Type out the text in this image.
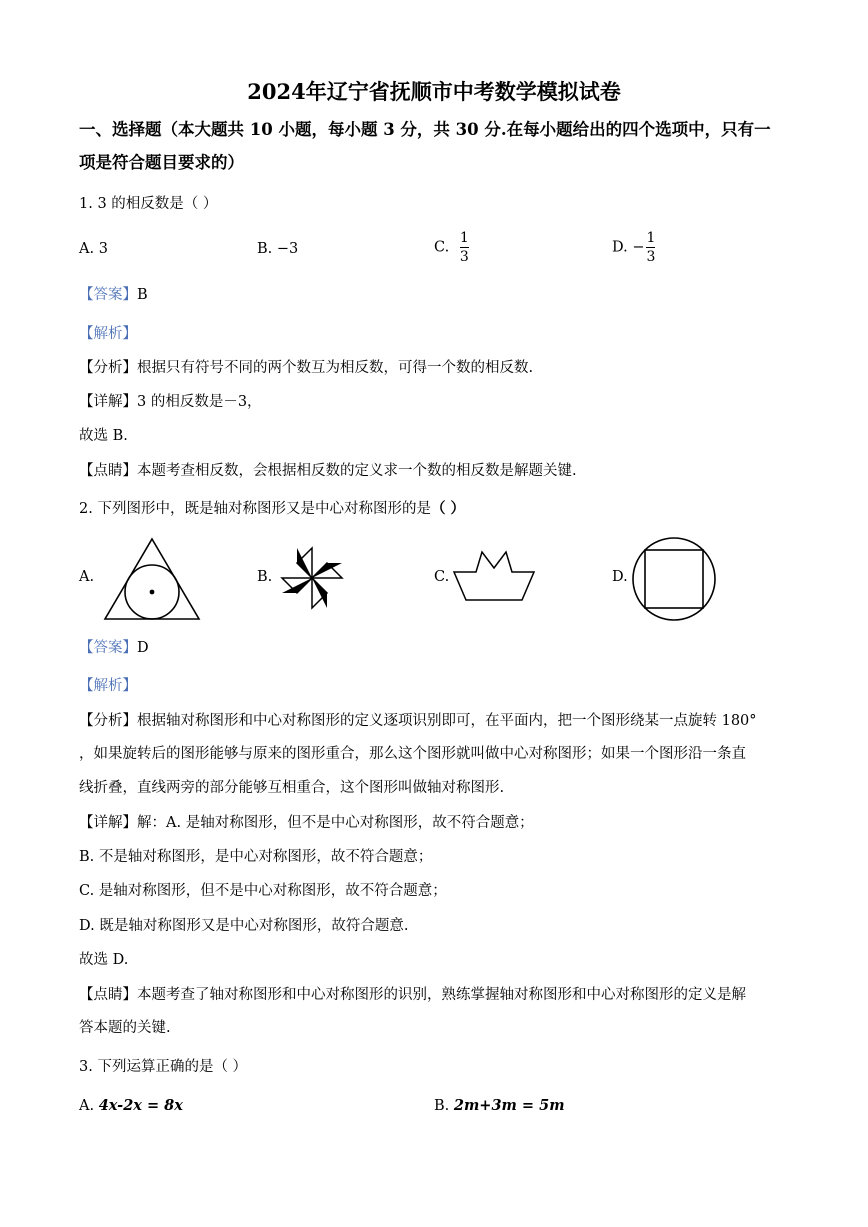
2024年辽宁省抚顺市中考数学模拟试卷
一、选择题（本大题共 10 小题，每小题 3 分，共 30 分.在每小题给出的四个选项中，只有一
项是符合题目要求的）
1. 3 的相反数是（ ）
A. 3	B. −3	C. $\frac{1}{3}$	D. − $\frac{1}{3}$
【答案】B
【解析】
【分析】根据只有符号不同的两个数互为相反数，可得一个数的相反数.
【详解】3 的相反数是－3，
故选 B.
【点睛】本题考查相反数，会根据相反数的定义求一个数的相反数是解题关键.
2. 下列图形中，既是轴对称图形又是中心对称图形的是（ ）
A.	B.	C.	D.
【答案】D
【解析】
【分析】根据轴对称图形和中心对称图形的定义逐项识别即可，在平面内，把一个图形绕某一点旋转 180°
，如果旋转后的图形能够与原来的图形重合，那么这个图形就叫做中心对称图形；如果一个图形沿一条直
线折叠，直线两旁的部分能够互相重合，这个图形叫做轴对称图形.
【详解】解：A. 是轴对称图形，但不是中心对称图形，故不符合题意；
B. 不是轴对称图形，是中心对称图形，故不符合题意；
C. 是轴对称图形，但不是中心对称图形，故不符合题意；
D. 既是轴对称图形又是中心对称图形，故符合题意.
故选 D.
【点睛】本题考查了轴对称图形和中心对称图形的识别，熟练掌握轴对称图形和中心对称图形的定义是解
答本题的关键.
3. 下列运算正确的是（ ）
A. 4x-2x = 8x	B. 2m+3m = 5m
